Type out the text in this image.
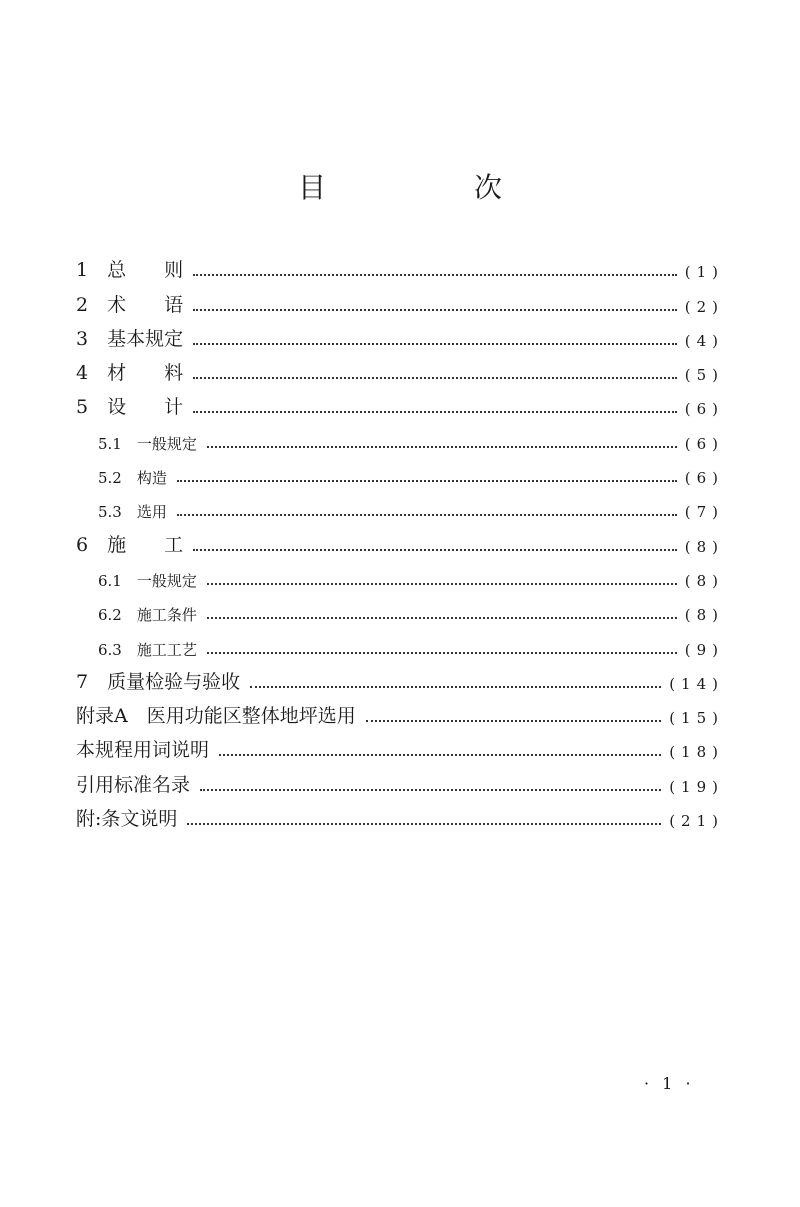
目　次
1　总　　则	(1)
2　术　　语	(2)
3　基本规定	(4)
4　材　　料	(5)
5　设　　计	(6)
5.1　一般规定	(6)
5.2　构造	(6)
5.3　选用	(7)
6　施　　工	(8)
6.1　一般规定	(8)
6.2　施工条件	(8)
6.3　施工工艺	(9)
7　质量检验与验收	(14)
附录A　医用功能区整体地坪选用	(15)
本规程用词说明	(18)
引用标准名录	(19)
附:条文说明	(21)
· 1 ·
